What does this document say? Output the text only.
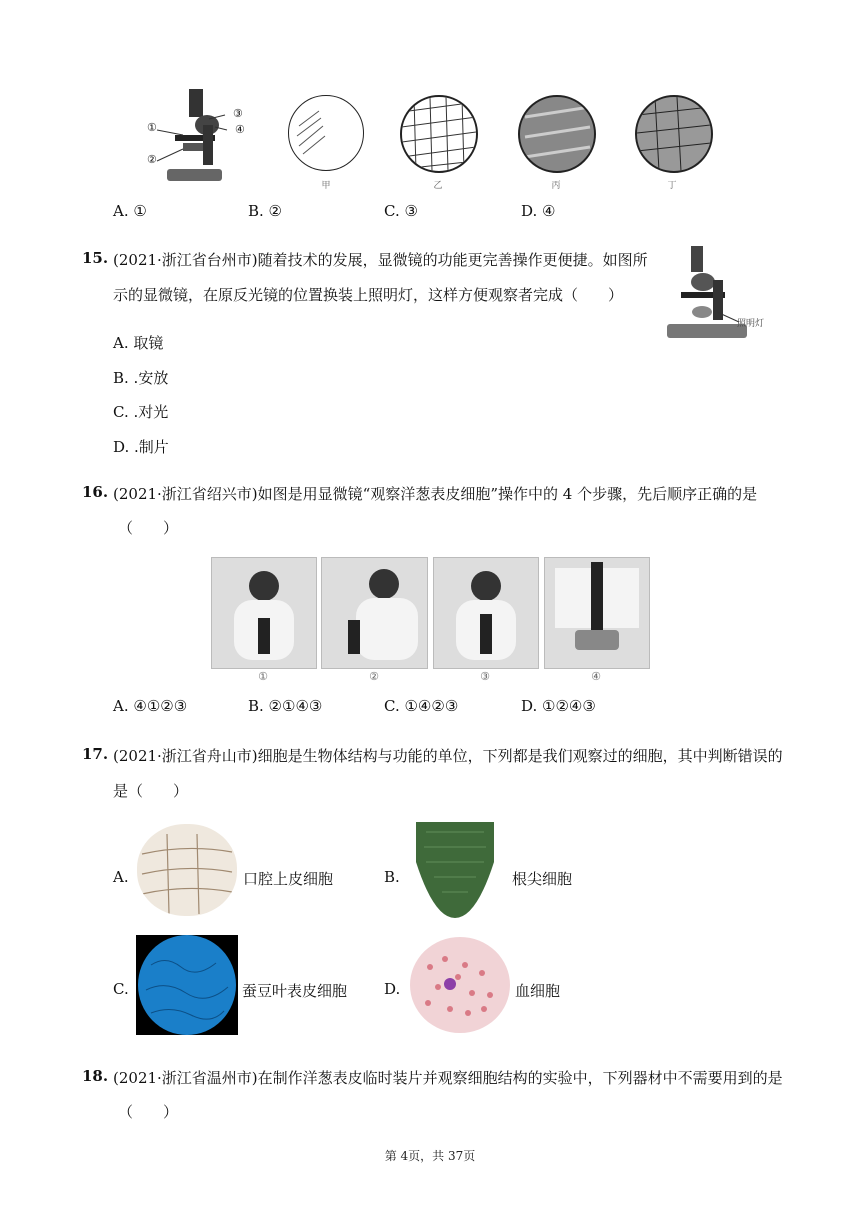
①
②
③
④
甲	乙	丙	丁
A. ①	B. ②	C. ③	D. ④
15. (2021·浙江省台州市)随着技术的发展，显微镜的功能更完善操作更便捷。如图所
示的显微镜，在原反光镜的位置换装上照明灯，这样方便观察者完成（　　）
照明灯
A. 取镜
B. .安放
C. .对光
D. .制片
16. (2021·浙江省绍兴市)如图是用显微镜“观察洋葱表皮细胞”操作中的 4 个步骤，先后顺序正确的是
（　　）
①	②	③	④
A. ④①②③	B. ②①④③	C. ①④②③	D. ①②④③
17. (2021·浙江省舟山市)细胞是生物体结构与功能的单位，下列都是我们观察过的细胞，其中判断错误的
是（　　）
A.	口腔上皮细胞	B.	根尖细胞
C.	蚕豆叶表皮细胞 D.	血细胞
18. (2021·浙江省温州市)在制作洋葱表皮临时装片并观察细胞结构的实验中，下列器材中不需要用到的是
（　　）
第 4页，共 37页
